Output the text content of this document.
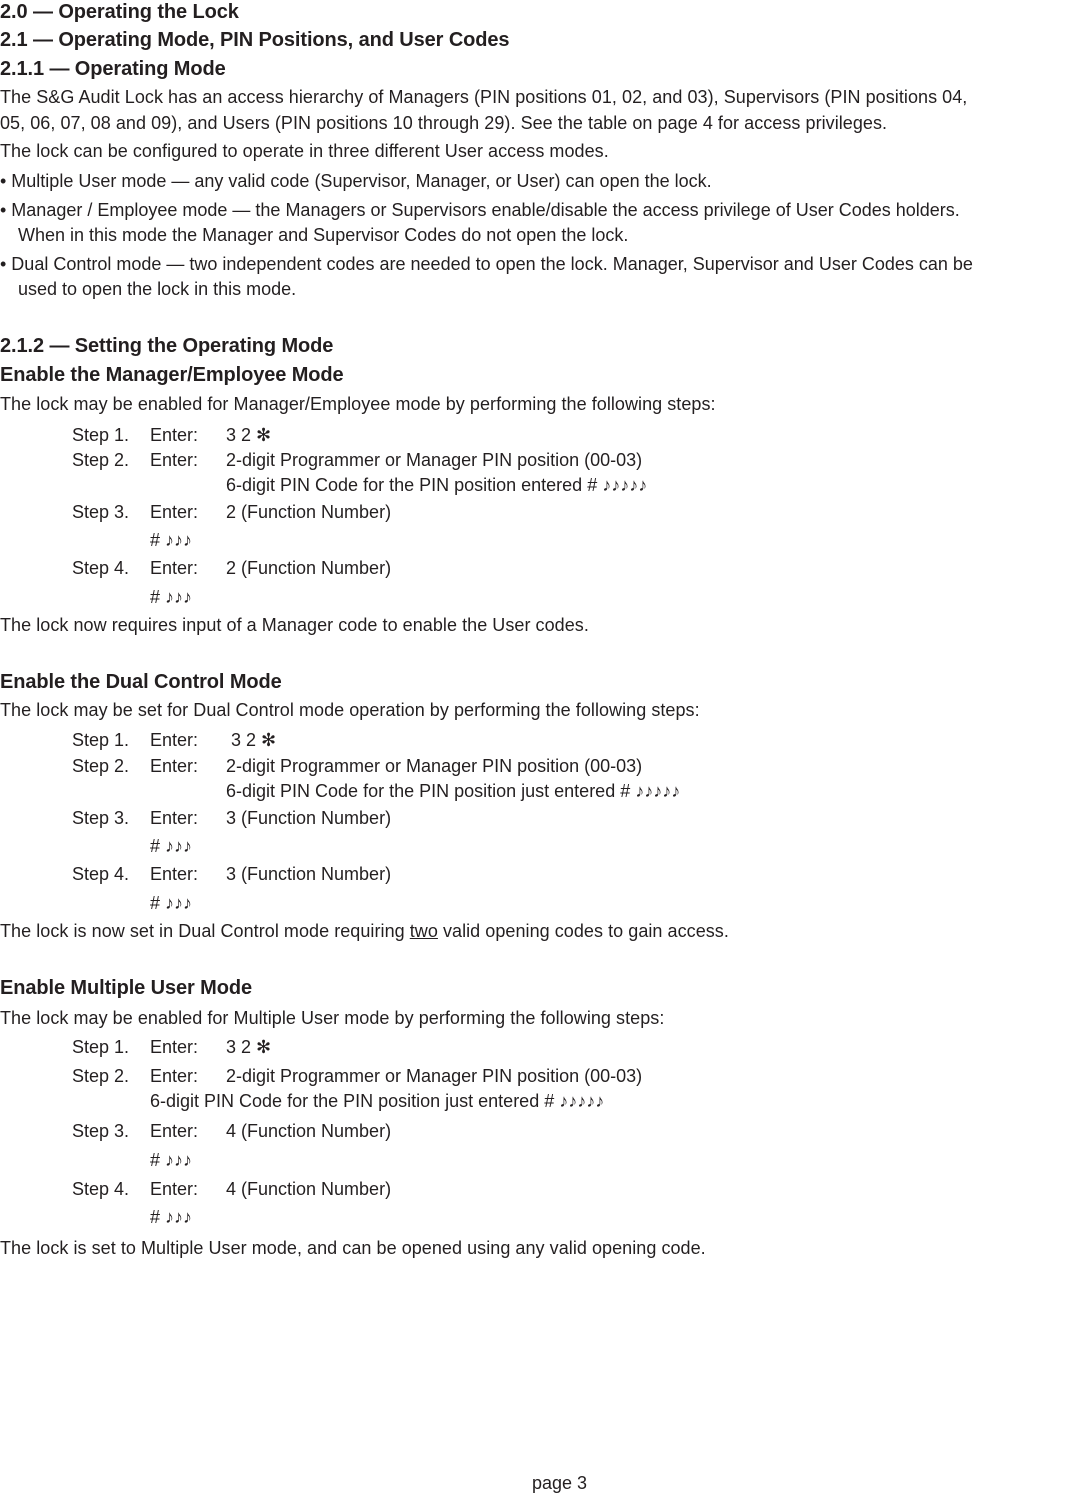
2.0 — Operating the Lock
2.1 — Operating Mode, PIN Positions, and User Codes
2.1.1 — Operating Mode
The S&G Audit Lock has an access hierarchy of Managers (PIN positions 01, 02, and 03), Supervisors (PIN positions 04,
05, 06, 07, 08 and 09), and Users (PIN positions 10 through 29). See the table on page 4 for access privileges.
The lock can be configured to operate in three different User access modes.
• Multiple User mode — any valid code (Supervisor, Manager, or User) can open the lock.
• Manager / Employee mode — the Managers or Supervisors enable/disable the access privilege of User Codes holders.
When in this mode the Manager and Supervisor Codes do not open the lock.
• Dual Control mode — two independent codes are needed to open the lock. Manager, Supervisor and User Codes can be
used to open the lock in this mode.
2.1.2 — Setting the Operating Mode
Enable the Manager/Employee Mode
The lock may be enabled for Manager/Employee mode by performing the following steps:
Step 1. Enter: 3 2 ✻
Step 2. Enter: 2-digit Programmer or Manager PIN position (00-03)
6-digit PIN Code for the PIN position entered # ♪♪♪♪♪
Step 3. Enter: 2 (Function Number)
# ♪♪♪
Step 4. Enter: 2 (Function Number)
# ♪♪♪
The lock now requires input of a Manager code to enable the User codes.
Enable the Dual Control Mode
The lock may be set for Dual Control mode operation by performing the following steps:
Step 1. Enter: 3 2 ✻
Step 2. Enter: 2-digit Programmer or Manager PIN position (00-03)
6-digit PIN Code for the PIN position just entered # ♪♪♪♪♪
Step 3. Enter: 3 (Function Number)
# ♪♪♪
Step 4. Enter: 3 (Function Number)
# ♪♪♪
The lock is now set in Dual Control mode requiring two valid opening codes to gain access.
Enable Multiple User Mode
The lock may be enabled for Multiple User mode by performing the following steps:
Step 1. Enter: 3 2 ✻
Step 2. Enter: 2-digit Programmer or Manager PIN position (00-03)
6-digit PIN Code for the PIN position just entered # ♪♪♪♪♪
Step 3. Enter: 4 (Function Number)
# ♪♪♪
Step 4. Enter: 4 (Function Number)
# ♪♪♪
The lock is set to Multiple User mode, and can be opened using any valid opening code.
page 3
